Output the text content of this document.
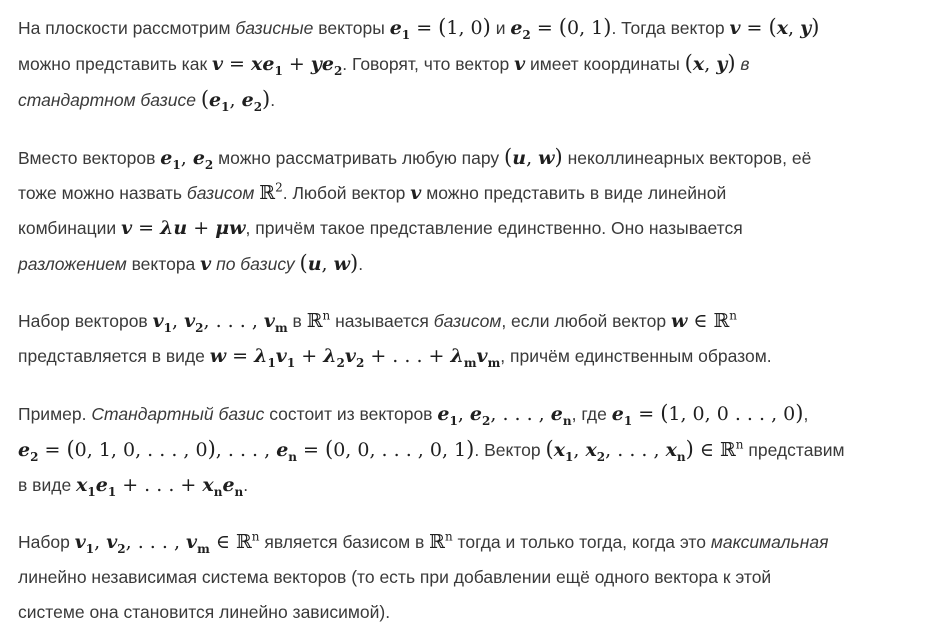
На плоскости рассмотрим базисные векторы $e_1 = (1$, 0) и $e_2 = (0$, 1). Тогда вектор v = (x, y)
можно представить как $v = xe_1 + ye_2$. Говорят, что вектор v имеет координаты (x, y) в
стандартном базисе ($e_1$, $e_2$).

Вместо векторов $e_1$, $e_2$ можно рассматривать любую пару (u, w) неколлинеарных векторов, её
тоже можно назвать базисом ℝ$^2$. Любой вектор v можно представить в виде линейной
комбинации v = λu + μw, причём такое представление единственно. Оно называется
разложением вектора v по базису (u, w).

Набор векторов $v_1$, $v_2$, . . . , $v_m$ в ℝ$^n$ называется базисом, если любой вектор w ∈ ℝ$^n$
представляется в виде $w = \lambda_1v_1 + \lambda_2v_2$ + . . . + $\lambda_mv_m$, причём единственным образом.

Пример. Стандартный базис состоит из векторов $e_1$, $e_2$, . . . , $e_n$, где $e_1 = (1$, 0, 0 . . . , 0),
$e_2 = (0$, 1, 0, . . . , 0), . . . , $e_n = (0$, 0, . . . , 0, 1). Вектор ($x_1$, $x_2$, . . . , $x_n$) ∈ ℝ$^n$ представим
в виде $x_1e_1$ + . . . + $x_ne_n$.

Набор $v_1$, $v_2$, . . . , $v_m$ ∈ ℝ$^n$ является базисом в ℝ$^n$ тогда и только тогда, когда это максимальная
линейно независимая система векторов (то есть при добавлении ещё одного вектора к этой
системе она становится линейно зависимой).
